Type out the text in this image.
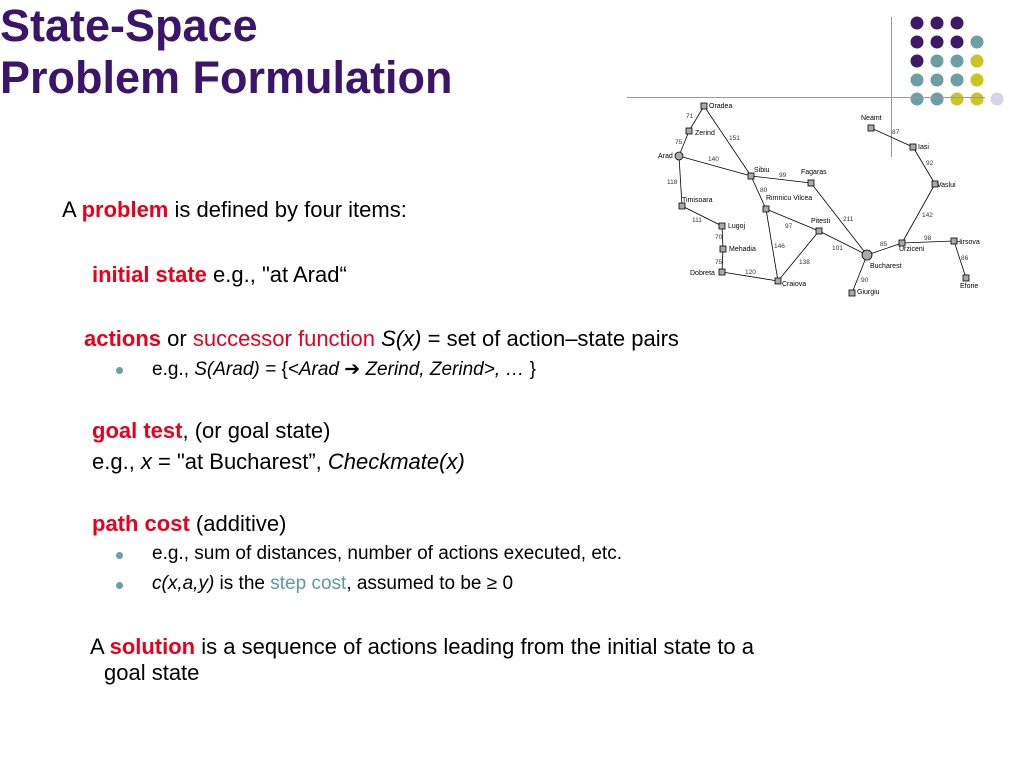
State-Space
Problem Formulation
Oradea
Zerind
Arad
Timisoara
Lugoj
Mehadia
Dobreta
Craiova
Sibiu
Rimnicu Vilcea
Fagaras
Pitesti
Bucharest
Giurgiu
Urziceni
Hirsova
Eforie
Vaslui
Iasi
Neamt
71
75
151
140
118
111
70
75
120
99
80
97
146
138
211
101
90
85
98
86
142
92
87
A problem is defined by four items:
initial state e.g., "at Arad“
actions or successor function S(x) = set of action–state pairs
e.g., S(Arad) = {<Arad ➔ Zerind, Zerind>, … }
goal test, (or goal state)
e.g., x = "at Bucharest”, Checkmate(x)
path cost (additive)
e.g., sum of distances, number of actions executed, etc.
c(x,a,y) is the step cost, assumed to be ≥ 0
A solution is a sequence of actions leading from the initial state to a
goal state
